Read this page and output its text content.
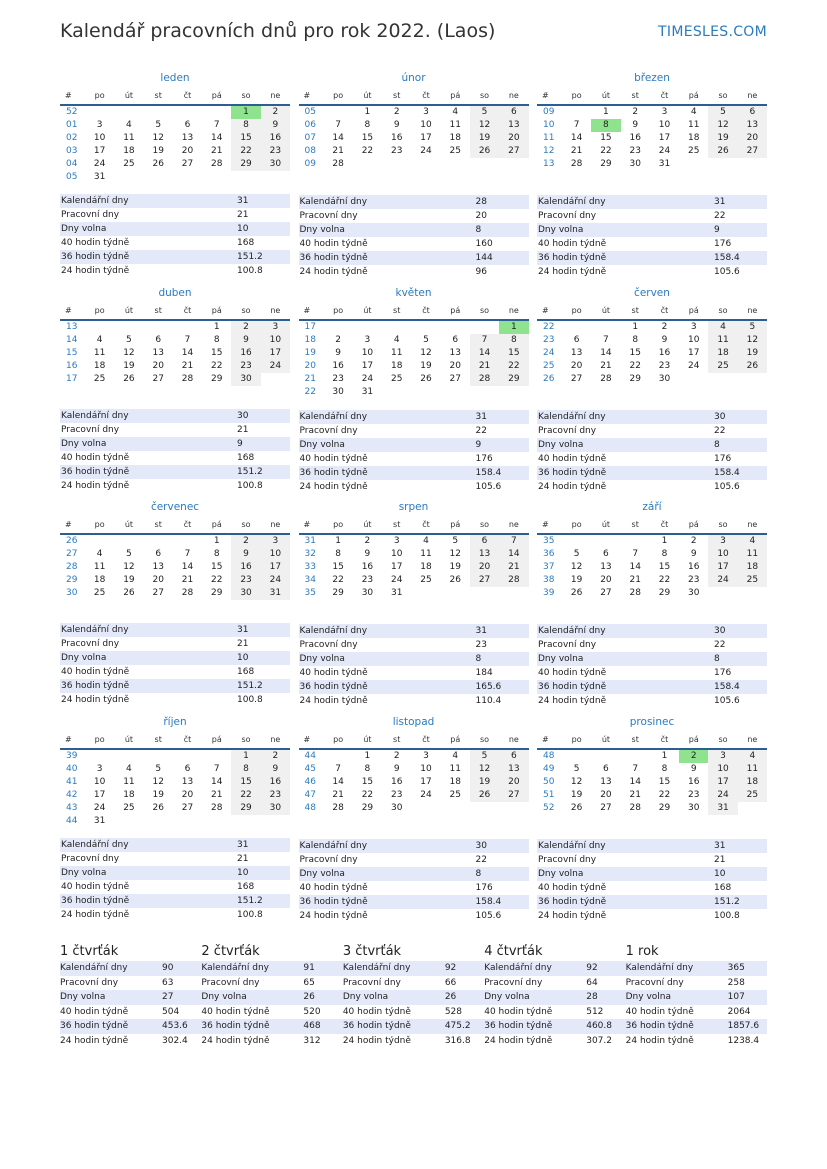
Kalendář pracovních dnů pro rok 2022. (Laos)	TIMESLES.COM
leden
#	po	út	st	čt	pá	so	ne
52						1	2
01	3	4	5	6	7	8	9
02	10	11	12	13	14	15	16
03	17	18	19	20	21	22	23
04	24	25	26	27	28	29	30
05	31						
Kalendářní dny	31
Pracovní dny	21
Dny volna	10
40 hodin týdně	168
36 hodin týdně	151.2
24 hodin týdně	100.8
únor
#	po	út	st	čt	pá	so	ne
05		1	2	3	4	5	6
06	7	8	9	10	11	12	13
07	14	15	16	17	18	19	20
08	21	22	23	24	25	26	27
09	28						
Kalendářní dny	28
Pracovní dny	20
Dny volna	8
40 hodin týdně	160
36 hodin týdně	144
24 hodin týdně	96
březen
#	po	út	st	čt	pá	so	ne
09		1	2	3	4	5	6
10	7	8	9	10	11	12	13
11	14	15	16	17	18	19	20
12	21	22	23	24	25	26	27
13	28	29	30	31			
Kalendářní dny	31
Pracovní dny	22
Dny volna	9
40 hodin týdně	176
36 hodin týdně	158.4
24 hodin týdně	105.6
duben
#	po	út	st	čt	pá	so	ne
13					1	2	3
14	4	5	6	7	8	9	10
15	11	12	13	14	15	16	17
16	18	19	20	21	22	23	24
17	25	26	27	28	29	30	
Kalendářní dny	30
Pracovní dny	21
Dny volna	9
40 hodin týdně	168
36 hodin týdně	151.2
24 hodin týdně	100.8
květen
#	po	út	st	čt	pá	so	ne
17							1
18	2	3	4	5	6	7	8
19	9	10	11	12	13	14	15
20	16	17	18	19	20	21	22
21	23	24	25	26	27	28	29
22	30	31					
Kalendářní dny	31
Pracovní dny	22
Dny volna	9
40 hodin týdně	176
36 hodin týdně	158.4
24 hodin týdně	105.6
červen
#	po	út	st	čt	pá	so	ne
22			1	2	3	4	5
23	6	7	8	9	10	11	12
24	13	14	15	16	17	18	19
25	20	21	22	23	24	25	26
26	27	28	29	30			
Kalendářní dny	30
Pracovní dny	22
Dny volna	8
40 hodin týdně	176
36 hodin týdně	158.4
24 hodin týdně	105.6
červenec
#	po	út	st	čt	pá	so	ne
26					1	2	3
27	4	5	6	7	8	9	10
28	11	12	13	14	15	16	17
29	18	19	20	21	22	23	24
30	25	26	27	28	29	30	31
Kalendářní dny	31
Pracovní dny	21
Dny volna	10
40 hodin týdně	168
36 hodin týdně	151.2
24 hodin týdně	100.8
srpen
#	po	út	st	čt	pá	so	ne
31	1	2	3	4	5	6	7
32	8	9	10	11	12	13	14
33	15	16	17	18	19	20	21
34	22	23	24	25	26	27	28
35	29	30	31				
Kalendářní dny	31
Pracovní dny	23
Dny volna	8
40 hodin týdně	184
36 hodin týdně	165.6
24 hodin týdně	110.4
září
#	po	út	st	čt	pá	so	ne
35				1	2	3	4
36	5	6	7	8	9	10	11
37	12	13	14	15	16	17	18
38	19	20	21	22	23	24	25
39	26	27	28	29	30		
Kalendářní dny	30
Pracovní dny	22
Dny volna	8
40 hodin týdně	176
36 hodin týdně	158.4
24 hodin týdně	105.6
říjen
#	po	út	st	čt	pá	so	ne
39						1	2
40	3	4	5	6	7	8	9
41	10	11	12	13	14	15	16
42	17	18	19	20	21	22	23
43	24	25	26	27	28	29	30
44	31						
Kalendářní dny	31
Pracovní dny	21
Dny volna	10
40 hodin týdně	168
36 hodin týdně	151.2
24 hodin týdně	100.8
listopad
#	po	út	st	čt	pá	so	ne
44		1	2	3	4	5	6
45	7	8	9	10	11	12	13
46	14	15	16	17	18	19	20
47	21	22	23	24	25	26	27
48	28	29	30				
Kalendářní dny	30
Pracovní dny	22
Dny volna	8
40 hodin týdně	176
36 hodin týdně	158.4
24 hodin týdně	105.6
prosinec
#	po	út	st	čt	pá	so	ne
48				1	2	3	4
49	5	6	7	8	9	10	11
50	12	13	14	15	16	17	18
51	19	20	21	22	23	24	25
52	26	27	28	29	30	31	
Kalendářní dny	31
Pracovní dny	21
Dny volna	10
40 hodin týdně	168
36 hodin týdně	151.2
24 hodin týdně	100.8
1 čtvrťák
Kalendářní dny	90
Pracovní dny	63
Dny volna	27
40 hodin týdně	504
36 hodin týdně	453.6
24 hodin týdně	302.4
2 čtvrťák
Kalendářní dny	91
Pracovní dny	65
Dny volna	26
40 hodin týdně	520
36 hodin týdně	468
24 hodin týdně	312
3 čtvrťák
Kalendářní dny	92
Pracovní dny	66
Dny volna	26
40 hodin týdně	528
36 hodin týdně	475.2
24 hodin týdně	316.8
4 čtvrťák
Kalendářní dny	92
Pracovní dny	64
Dny volna	28
40 hodin týdně	512
36 hodin týdně	460.8
24 hodin týdně	307.2
1 rok
Kalendářní dny	365
Pracovní dny	258
Dny volna	107
40 hodin týdně	2064
36 hodin týdně	1857.6
24 hodin týdně	1238.4
